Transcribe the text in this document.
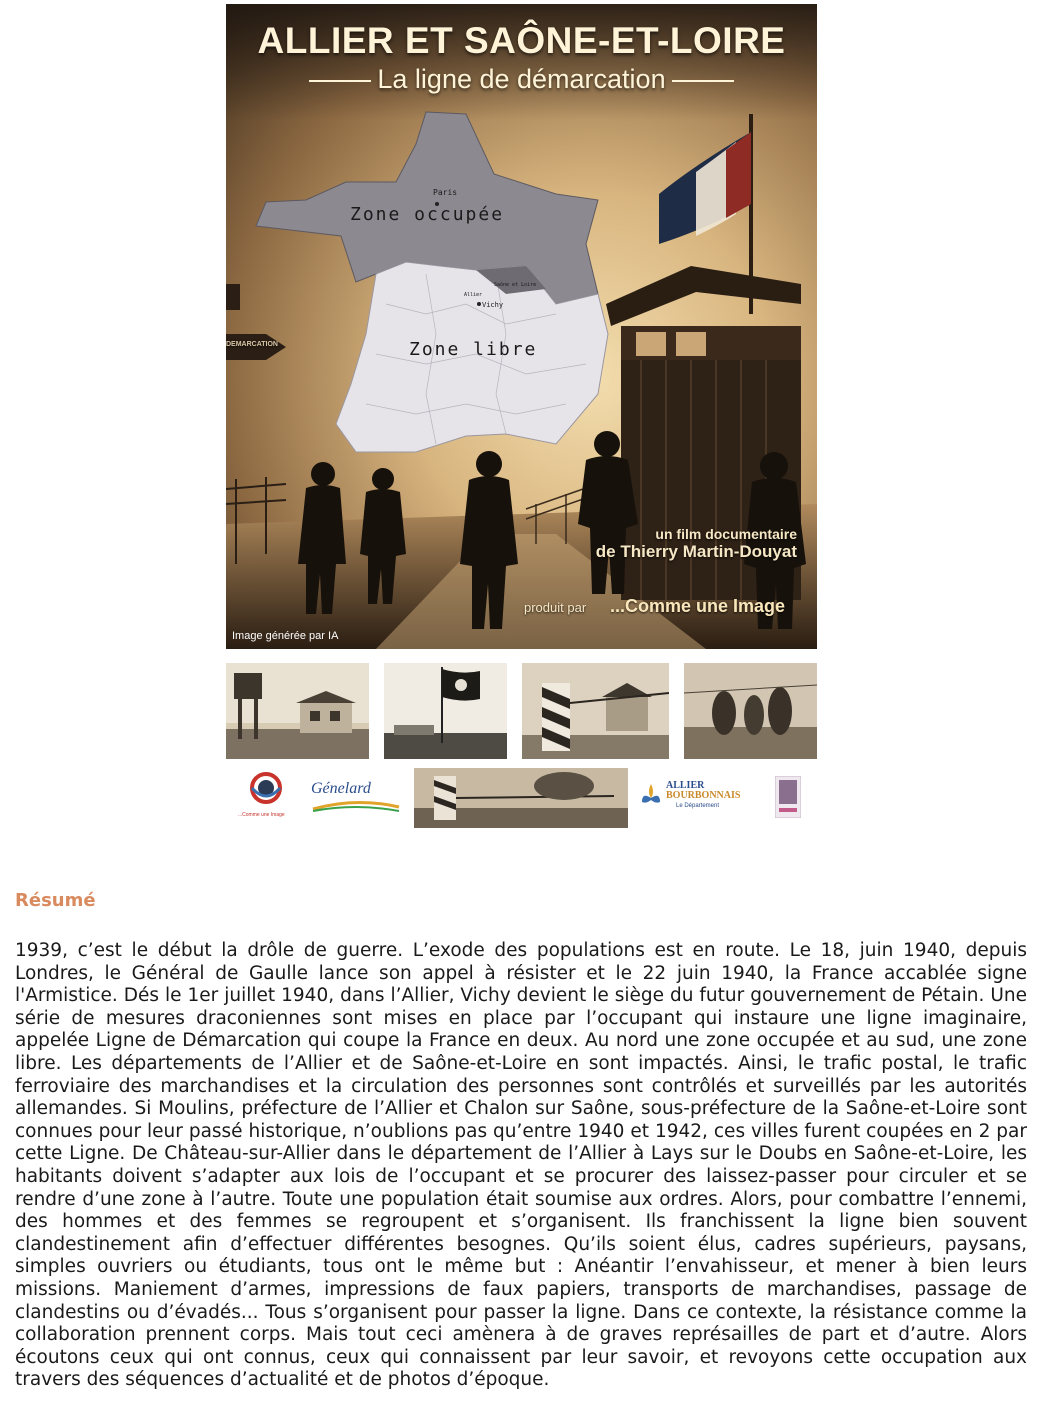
ALLIER ET SAÔNE-ET-LOIRE
La ligne de démarcation
Paris
Zone occupée
Saône et Loire
Allier
Vichy
Zone libre
DEMARCATION
un film documentaire
de Thierry Martin-Douyat
produit par ...Comme une Image
Image générée par IA
...Comme une Image
Génelard	ALLIER
BOURBONNAIS
Le Département
Résumé
1939, c’est le début la drôle de guerre. L’exode des populations est en route. Le 18, juin 1940, depuis Londres, le Général de Gaulle lance son appel à résister et le 22 juin 1940, la France accablée signe l'Armistice. Dés le 1er juillet 1940, dans l’Allier, Vichy devient le siège du futur gouvernement de Pétain. Une série de mesures draconiennes sont mises en place par l’occupant qui instaure une ligne imaginaire, appelée Ligne de Démarcation qui coupe la France en deux. Au nord une zone occupée et au sud, une zone libre. Les départements de l’Allier et de Saône-et-Loire en sont impactés. Ainsi, le trafic postal, le trafic ferroviaire des marchandises et la circulation des personnes sont contrôlés et surveillés par les autorités allemandes. Si Moulins, préfecture de l’Allier et Chalon sur Saône, sous-préfecture de la Saône-et-Loire sont connues pour leur passé historique, n’oublions pas qu’entre 1940 et 1942, ces villes furent coupées en 2 par cette Ligne. De Château-sur-Allier dans le département de l’Allier à Lays sur le Doubs en Saône-et-Loire, les habitants doivent s’adapter aux lois de l’occupant et se procurer des laissez-passer pour circuler et se rendre d’une zone à l’autre. Toute une population était soumise aux ordres. Alors, pour combattre l’ennemi, des hommes et des femmes se regroupent et s’organisent. Ils franchissent la ligne bien souvent clandestinement afin d’effectuer différentes besognes. Qu’ils soient élus, cadres supérieurs, paysans, simples ouvriers ou étudiants, tous ont le même but : Anéantir l’envahisseur, et mener à bien leurs missions. Maniement d’armes, impressions de faux papiers, transports de marchandises, passage de clandestins ou d’évadés... Tous s’organisent pour passer la ligne. Dans ce contexte, la résistance comme la collaboration prennent corps. Mais tout ceci amènera à de graves représailles de part et d’autre. Alors écoutons ceux qui ont connus, ceux qui connaissent par leur savoir, et revoyons cette occupation aux travers des séquences d’actualité et de photos d’époque.
